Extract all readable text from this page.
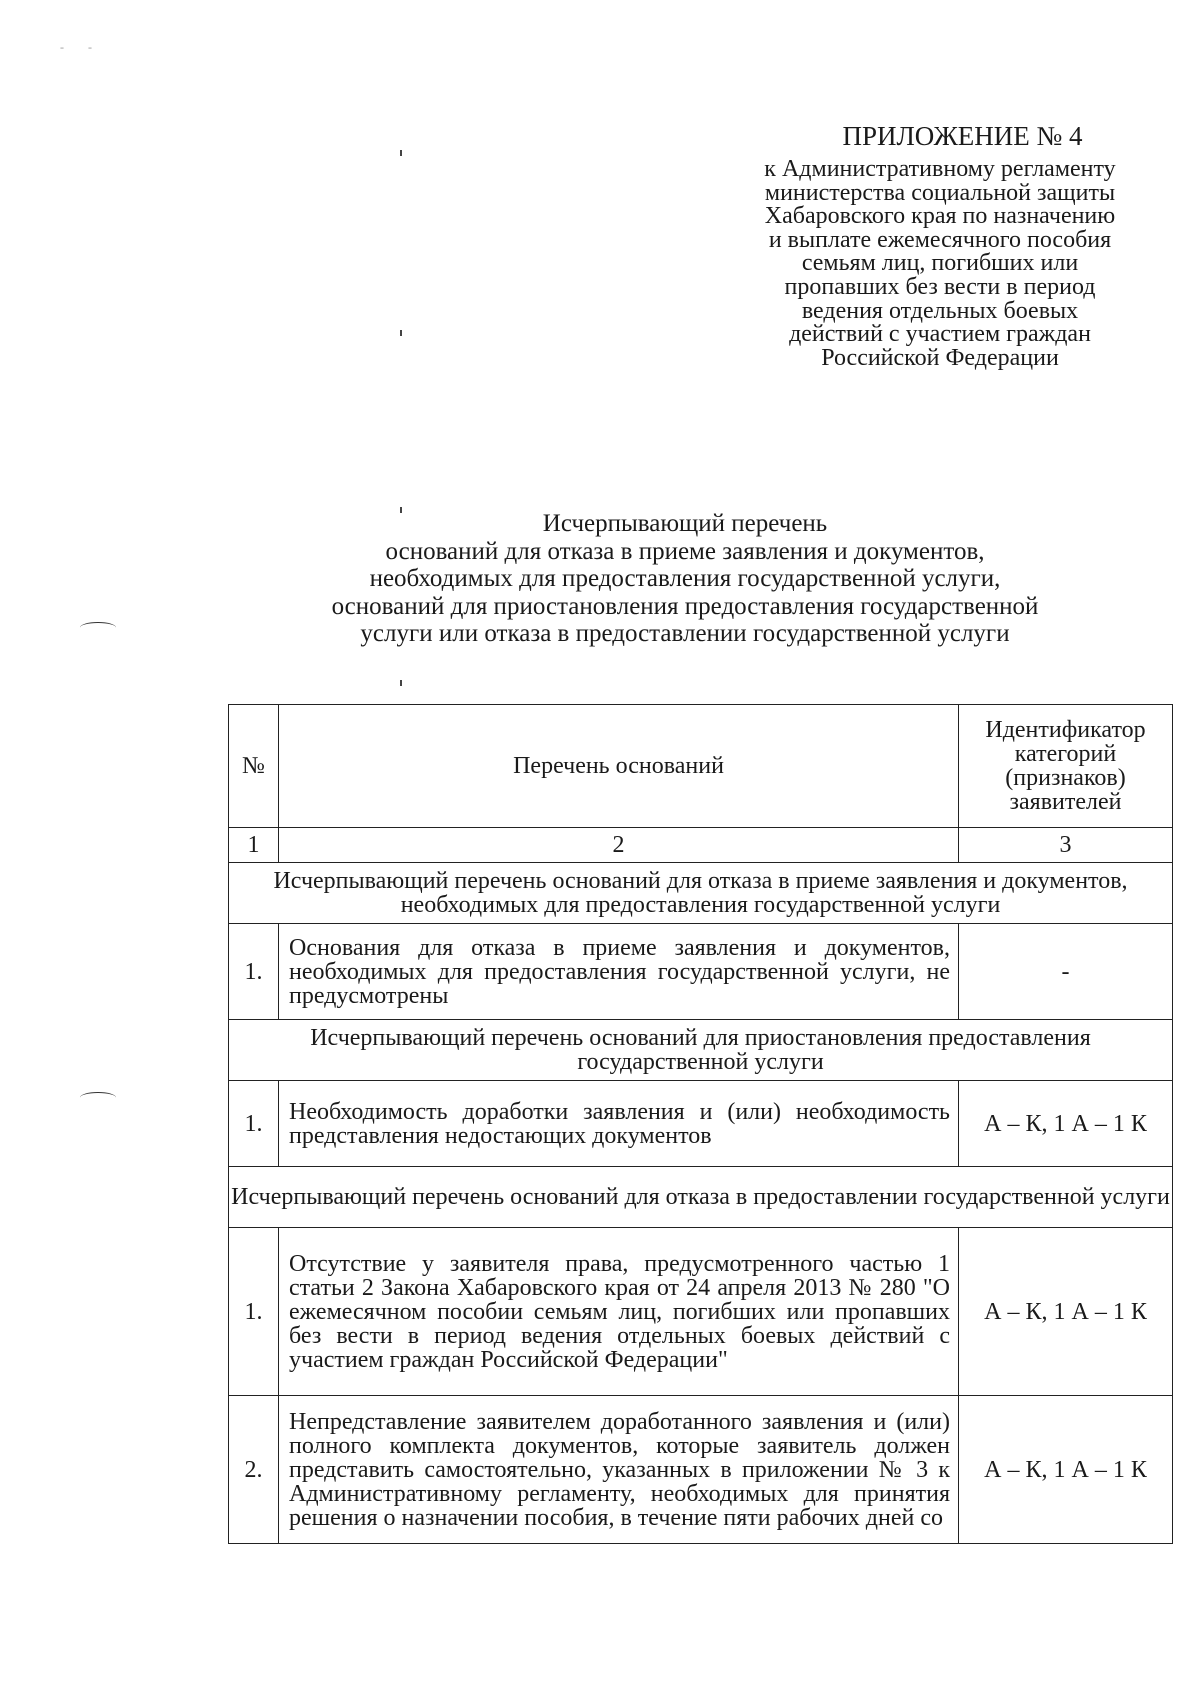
-        -
ПРИЛОЖЕНИЕ № 4
к Административному регламенту
министерства социальной защиты
Хабаровского края по назначению
и выплате ежемесячного пособия
семьям лиц, погибших или
пропавших без вести в период
ведения отдельных боевых
действий с участием граждан
Российской Федерации
Исчерпывающий перечень
оснований для отказа в приеме заявления и документов,
необходимых для предоставления государственной услуги,
оснований для приостановления предоставления государственной
услуги или отказа в предоставлении государственной услуги
№	Перечень оснований	Идентификатор категорий (признаков) заявителей
1	2	3
Исчерпывающий перечень оснований для отказа в приеме заявления и документов, необходимых для предоставления государственной услуги		
1.	Основания для отказа в приеме заявления и документов, необходимых для предоставления государственной услуги, не предусмотрены	-
Исчерпывающий перечень оснований для приостановления предоставления государственной услуги		
1.	Необходимость доработки заявления и (или) необходимость представления недостающих документов	А – К, 1 А – 1 К
Исчерпывающий перечень оснований для отказа в предоставлении государственной услуги		
1.	Отсутствие у заявителя права, предусмотренного частью 1 статьи 2 Закона Хабаровского края от 24 апреля 2013 № 280 "О ежемесячном пособии семьям лиц, погибших или пропавших без вести в период ведения отдельных боевых действий с участием граждан Российской Федерации"	А – К, 1 А – 1 К
2.	Непредставление заявителем доработанного заявления и (или) полного комплекта документов, которые заявитель должен представить самостоятельно, указанных в приложении № 3 к Административному регламенту, необходимых для принятия решения о назначении пособия, в течение пяти рабочих дней со	А – К, 1 А – 1 К
